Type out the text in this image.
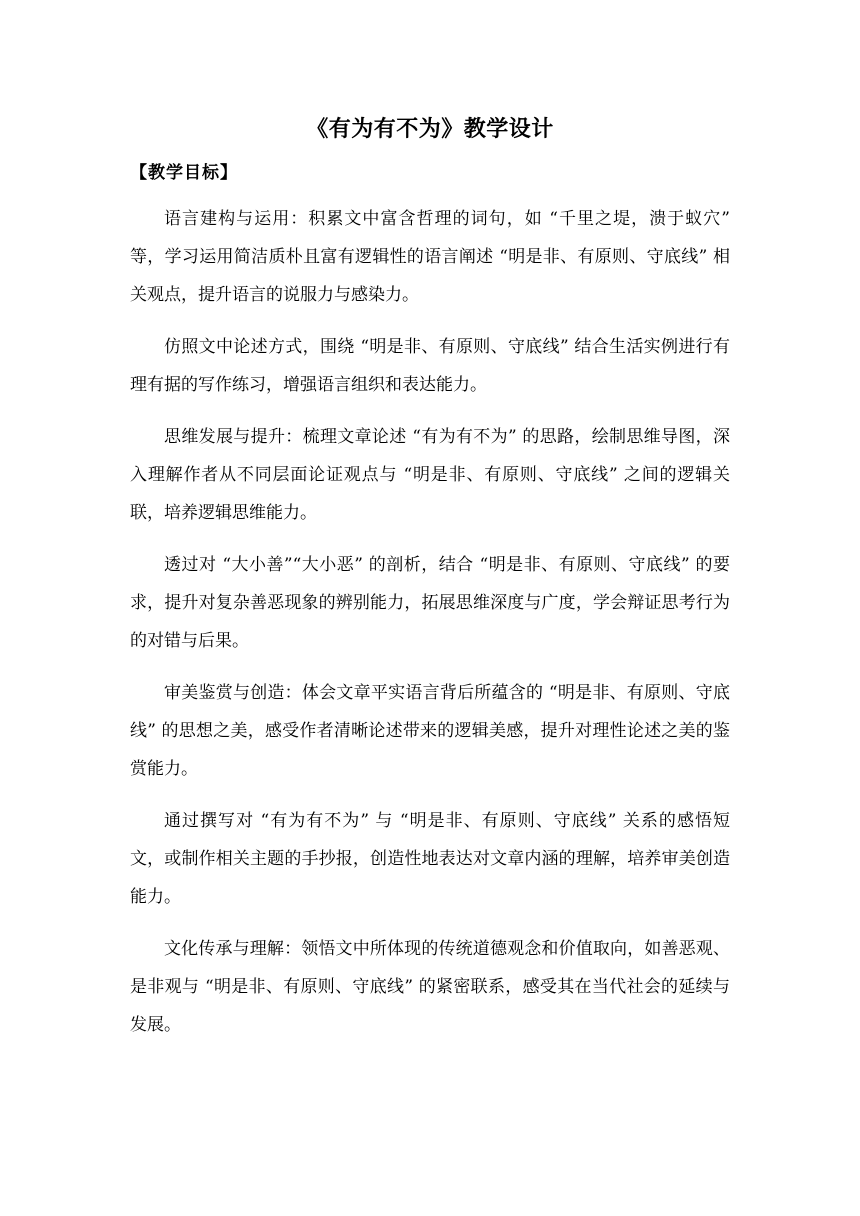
《有为有不为》教学设计
【教学目标】

语言建构与运用：积累文中富含哲理的词句，如 “千里之堤，溃于蚁穴” 等，学习运用简洁质朴且富有逻辑性的语言阐述 “明是非、有原则、守底线” 相关观点，提升语言的说服力与感染力。

仿照文中论述方式，围绕 “明是非、有原则、守底线” 结合生活实例进行有理有据的写作练习，增强语言组织和表达能力。

思维发展与提升：梳理文章论述 “有为有不为” 的思路，绘制思维导图，深入理解作者从不同层面论证观点与 “明是非、有原则、守底线” 之间的逻辑关联，培养逻辑思维能力。

透过对 “大小善”“大小恶” 的剖析，结合 “明是非、有原则、守底线” 的要求，提升对复杂善恶现象的辨别能力，拓展思维深度与广度，学会辩证思考行为的对错与后果。

审美鉴赏与创造：体会文章平实语言背后所蕴含的 “明是非、有原则、守底线” 的思想之美，感受作者清晰论述带来的逻辑美感，提升对理性论述之美的鉴赏能力。

通过撰写对 “有为有不为” 与 “明是非、有原则、守底线” 关系的感悟短文，或制作相关主题的手抄报，创造性地表达对文章内涵的理解，培养审美创造能力。

文化传承与理解：领悟文中所体现的传统道德观念和价值取向，如善恶观、是非观与 “明是非、有原则、守底线” 的紧密联系，感受其在当代社会的延续与发展。
